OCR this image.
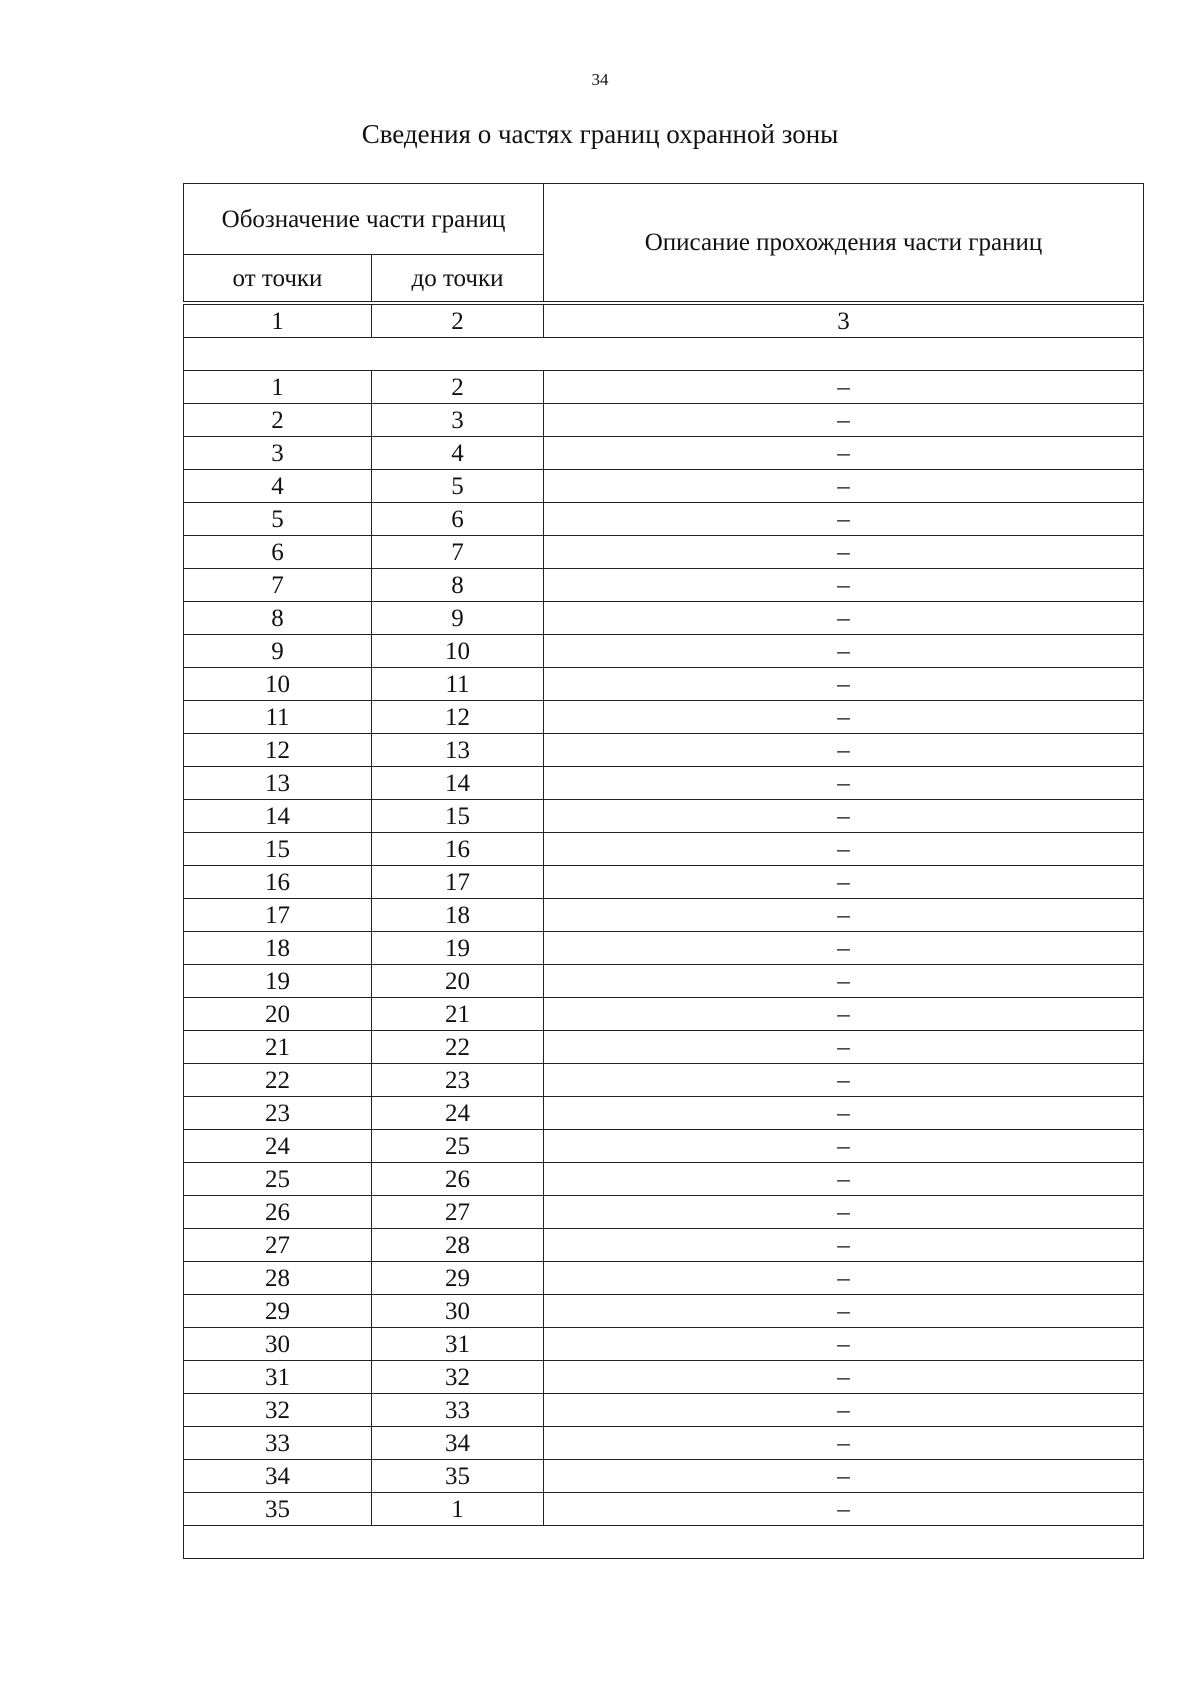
34
Сведения о частях границ охранной зоны
Обозначение части границ		Описание прохождения части границ
от точки	до точки	

1	2	3

1	2	–
2	3	–
3	4	–
4	5	–
5	6	–
6	7	–
7	8	–
8	9	–
9	10	–
10	11	–
11	12	–
12	13	–
13	14	–
14	15	–
15	16	–
16	17	–
17	18	–
18	19	–
19	20	–
20	21	–
21	22	–
22	23	–
23	24	–
24	25	–
25	26	–
26	27	–
27	28	–
28	29	–
29	30	–
30	31	–
31	32	–
32	33	–
33	34	–
34	35	–
35	1	–
